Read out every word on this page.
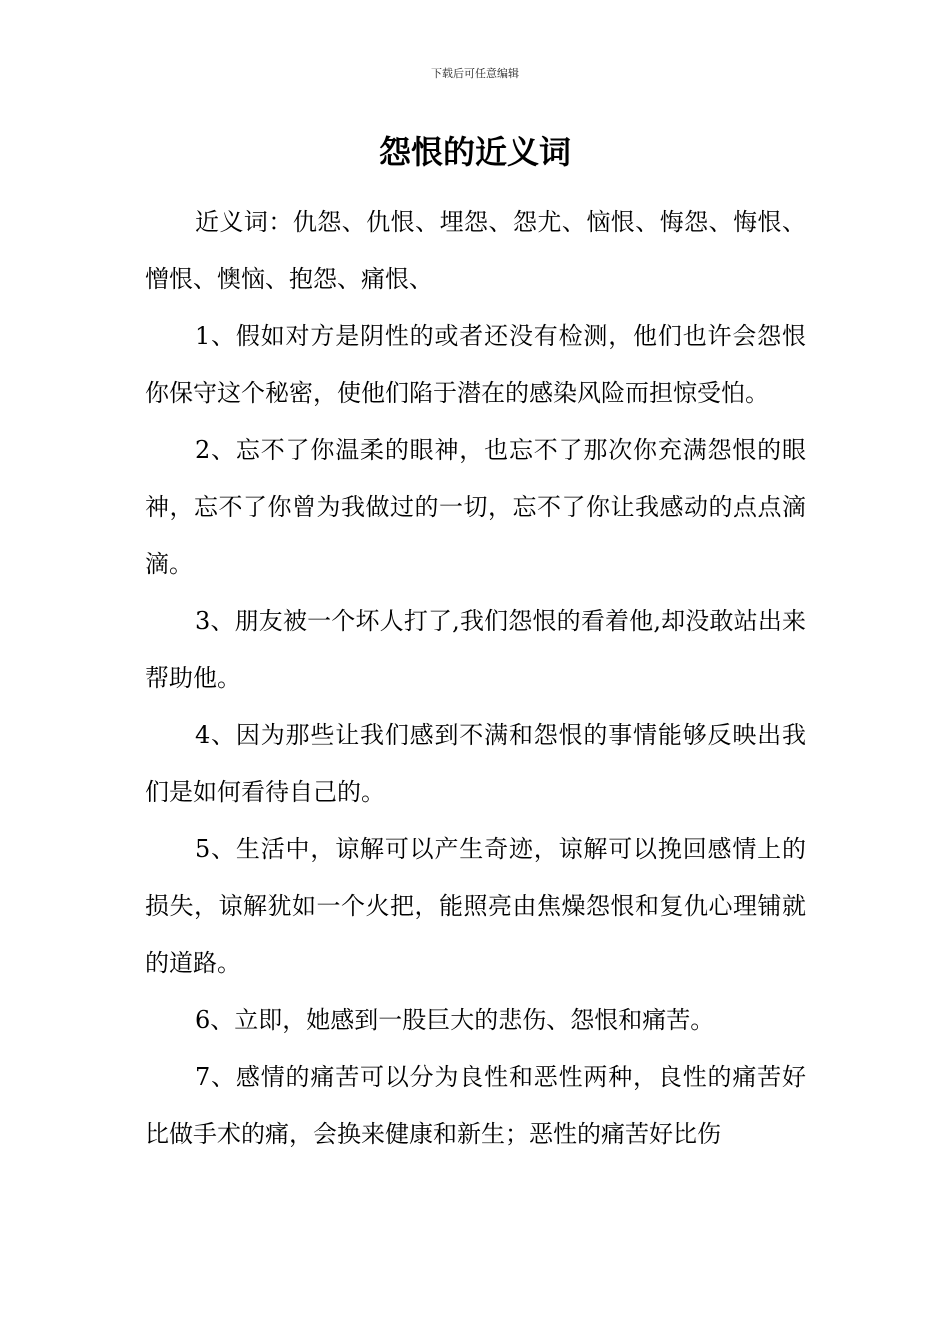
下载后可任意编辑
怨恨的近义词

近义词：仇怨、仇恨、埋怨、怨尤、恼恨、悔怨、悔恨、憎恨、懊恼、抱怨、痛恨、

1、假如对方是阴性的或者还没有检测，他们也许会怨恨你保守这个秘密，使他们陷于潜在的感染风险而担惊受怕。

2、忘不了你温柔的眼神，也忘不了那次你充满怨恨的眼神，忘不了你曾为我做过的一切，忘不了你让我感动的点点滴滴。

3、朋友被一个坏人打了,我们怨恨的看着他,却没敢站出来帮助他。

4、因为那些让我们感到不满和怨恨的事情能够反映出我们是如何看待自己的。

5、生活中，谅解可以产生奇迹，谅解可以挽回感情上的损失，谅解犹如一个火把，能照亮由焦燥怨恨和复仇心理铺就的道路。

6、立即，她感到一股巨大的悲伤、怨恨和痛苦。

7、感情的痛苦可以分为良性和恶性两种，良性的痛苦好比做手术的痛，会换来健康和新生；恶性的痛苦好比伤
